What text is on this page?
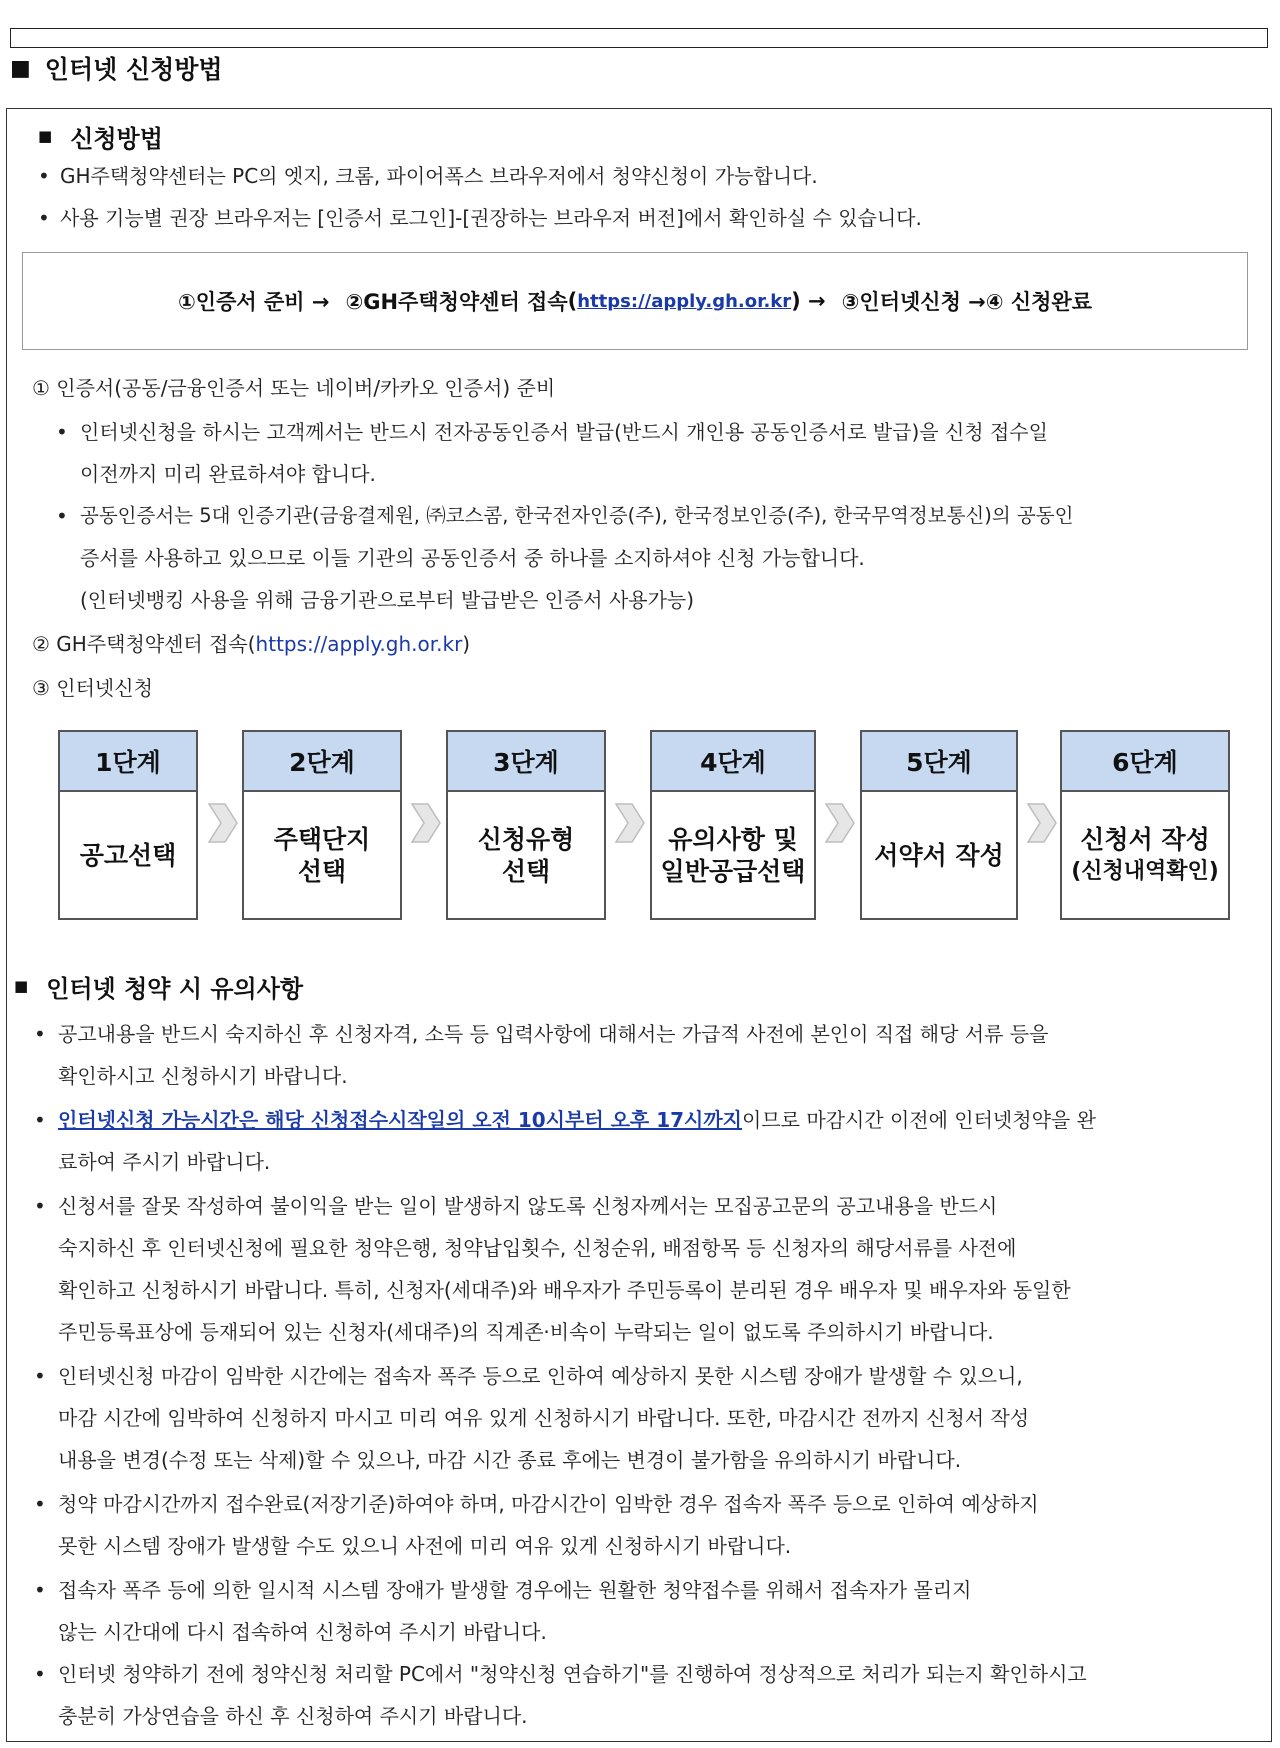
■ 인터넷 신청방법
■ 신청방법
• GH주택청약센터는 PC의 엣지, 크롬, 파이어폭스 브라우저에서 청약신청이 가능합니다.
• 사용 기능별 권장 브라우저는 [인증서 로그인]-[권장하는 브라우저 버전]에서 확인하실 수 있습니다.
①인증서 준비 → ②GH주택청약센터 접속 ( https://apply.gh.or.kr ) → ③인터넷신청 →④ 신청완료
① 인증서(공동/금융인증서 또는 네이버/카카오 인증서) 준비
• 인터넷신청을 하시는 고객께서는 반드시 전자공동인증서 발급(반드시 개인용 공동인증서로 발급)을 신청 접수일
이전까지 미리 완료하셔야 합니다.
• 공동인증서는 5대 인증기관(금융결제원, ㈜코스콤, 한국전자인증(주), 한국정보인증(주), 한국무역정보통신)의 공동인
증서를 사용하고 있으므로 이들 기관의 공동인증서 중 하나를 소지하셔야 신청 가능합니다.
(인터넷뱅킹 사용을 위해 금융기관으로부터 발급받은 인증서 사용가능)
② GH주택청약센터 접속(https://apply.gh.or.kr)
③ 인터넷신청
1단계
공고선택
2단계
주택단지
선택
3단계
신청유형
선택
4단계
유의사항 및
일반공급선택
5단계
서약서 작성
6단계
신청서 작성
(신청내역확인)
■ 인터넷 청약 시 유의사항
• 공고내용을 반드시 숙지하신 후 신청자격, 소득 등 입력사항에 대해서는 가급적 사전에 본인이 직접 해당 서류 등을
확인하시고 신청하시기 바랍니다.
• 인터넷신청 가능시간은 해당 신청접수시작일의 오전 10시부터 오후 17시까지이므로 마감시간 이전에 인터넷청약을 완
료하여 주시기 바랍니다.
• 신청서를 잘못 작성하여 불이익을 받는 일이 발생하지 않도록 신청자께서는 모집공고문의 공고내용을 반드시
숙지하신 후 인터넷신청에 필요한 청약은행, 청약납입횟수, 신청순위, 배점항목 등 신청자의 해당서류를 사전에
확인하고 신청하시기 바랍니다. 특히, 신청자(세대주)와 배우자가 주민등록이 분리된 경우 배우자 및 배우자와 동일한
주민등록표상에 등재되어 있는 신청자(세대주)의 직계존·비속이 누락되는 일이 없도록 주의하시기 바랍니다.
• 인터넷신청 마감이 임박한 시간에는 접속자 폭주 등으로 인하여 예상하지 못한 시스템 장애가 발생할 수 있으니,
마감 시간에 임박하여 신청하지 마시고 미리 여유 있게 신청하시기 바랍니다. 또한, 마감시간 전까지 신청서 작성
내용을 변경(수정 또는 삭제)할 수 있으나, 마감 시간 종료 후에는 변경이 불가함을 유의하시기 바랍니다.
• 청약 마감시간까지 접수완료(저장기준)하여야 하며, 마감시간이 임박한 경우 접속자 폭주 등으로 인하여 예상하지
못한 시스템 장애가 발생할 수도 있으니 사전에 미리 여유 있게 신청하시기 바랍니다.
• 접속자 폭주 등에 의한 일시적 시스템 장애가 발생할 경우에는 원활한 청약접수를 위해서 접속자가 몰리지
않는 시간대에 다시 접속하여 신청하여 주시기 바랍니다.
• 인터넷 청약하기 전에 청약신청 처리할 PC에서 "청약신청 연습하기"를 진행하여 정상적으로 처리가 되는지 확인하시고
충분히 가상연습을 하신 후 신청하여 주시기 바랍니다.
